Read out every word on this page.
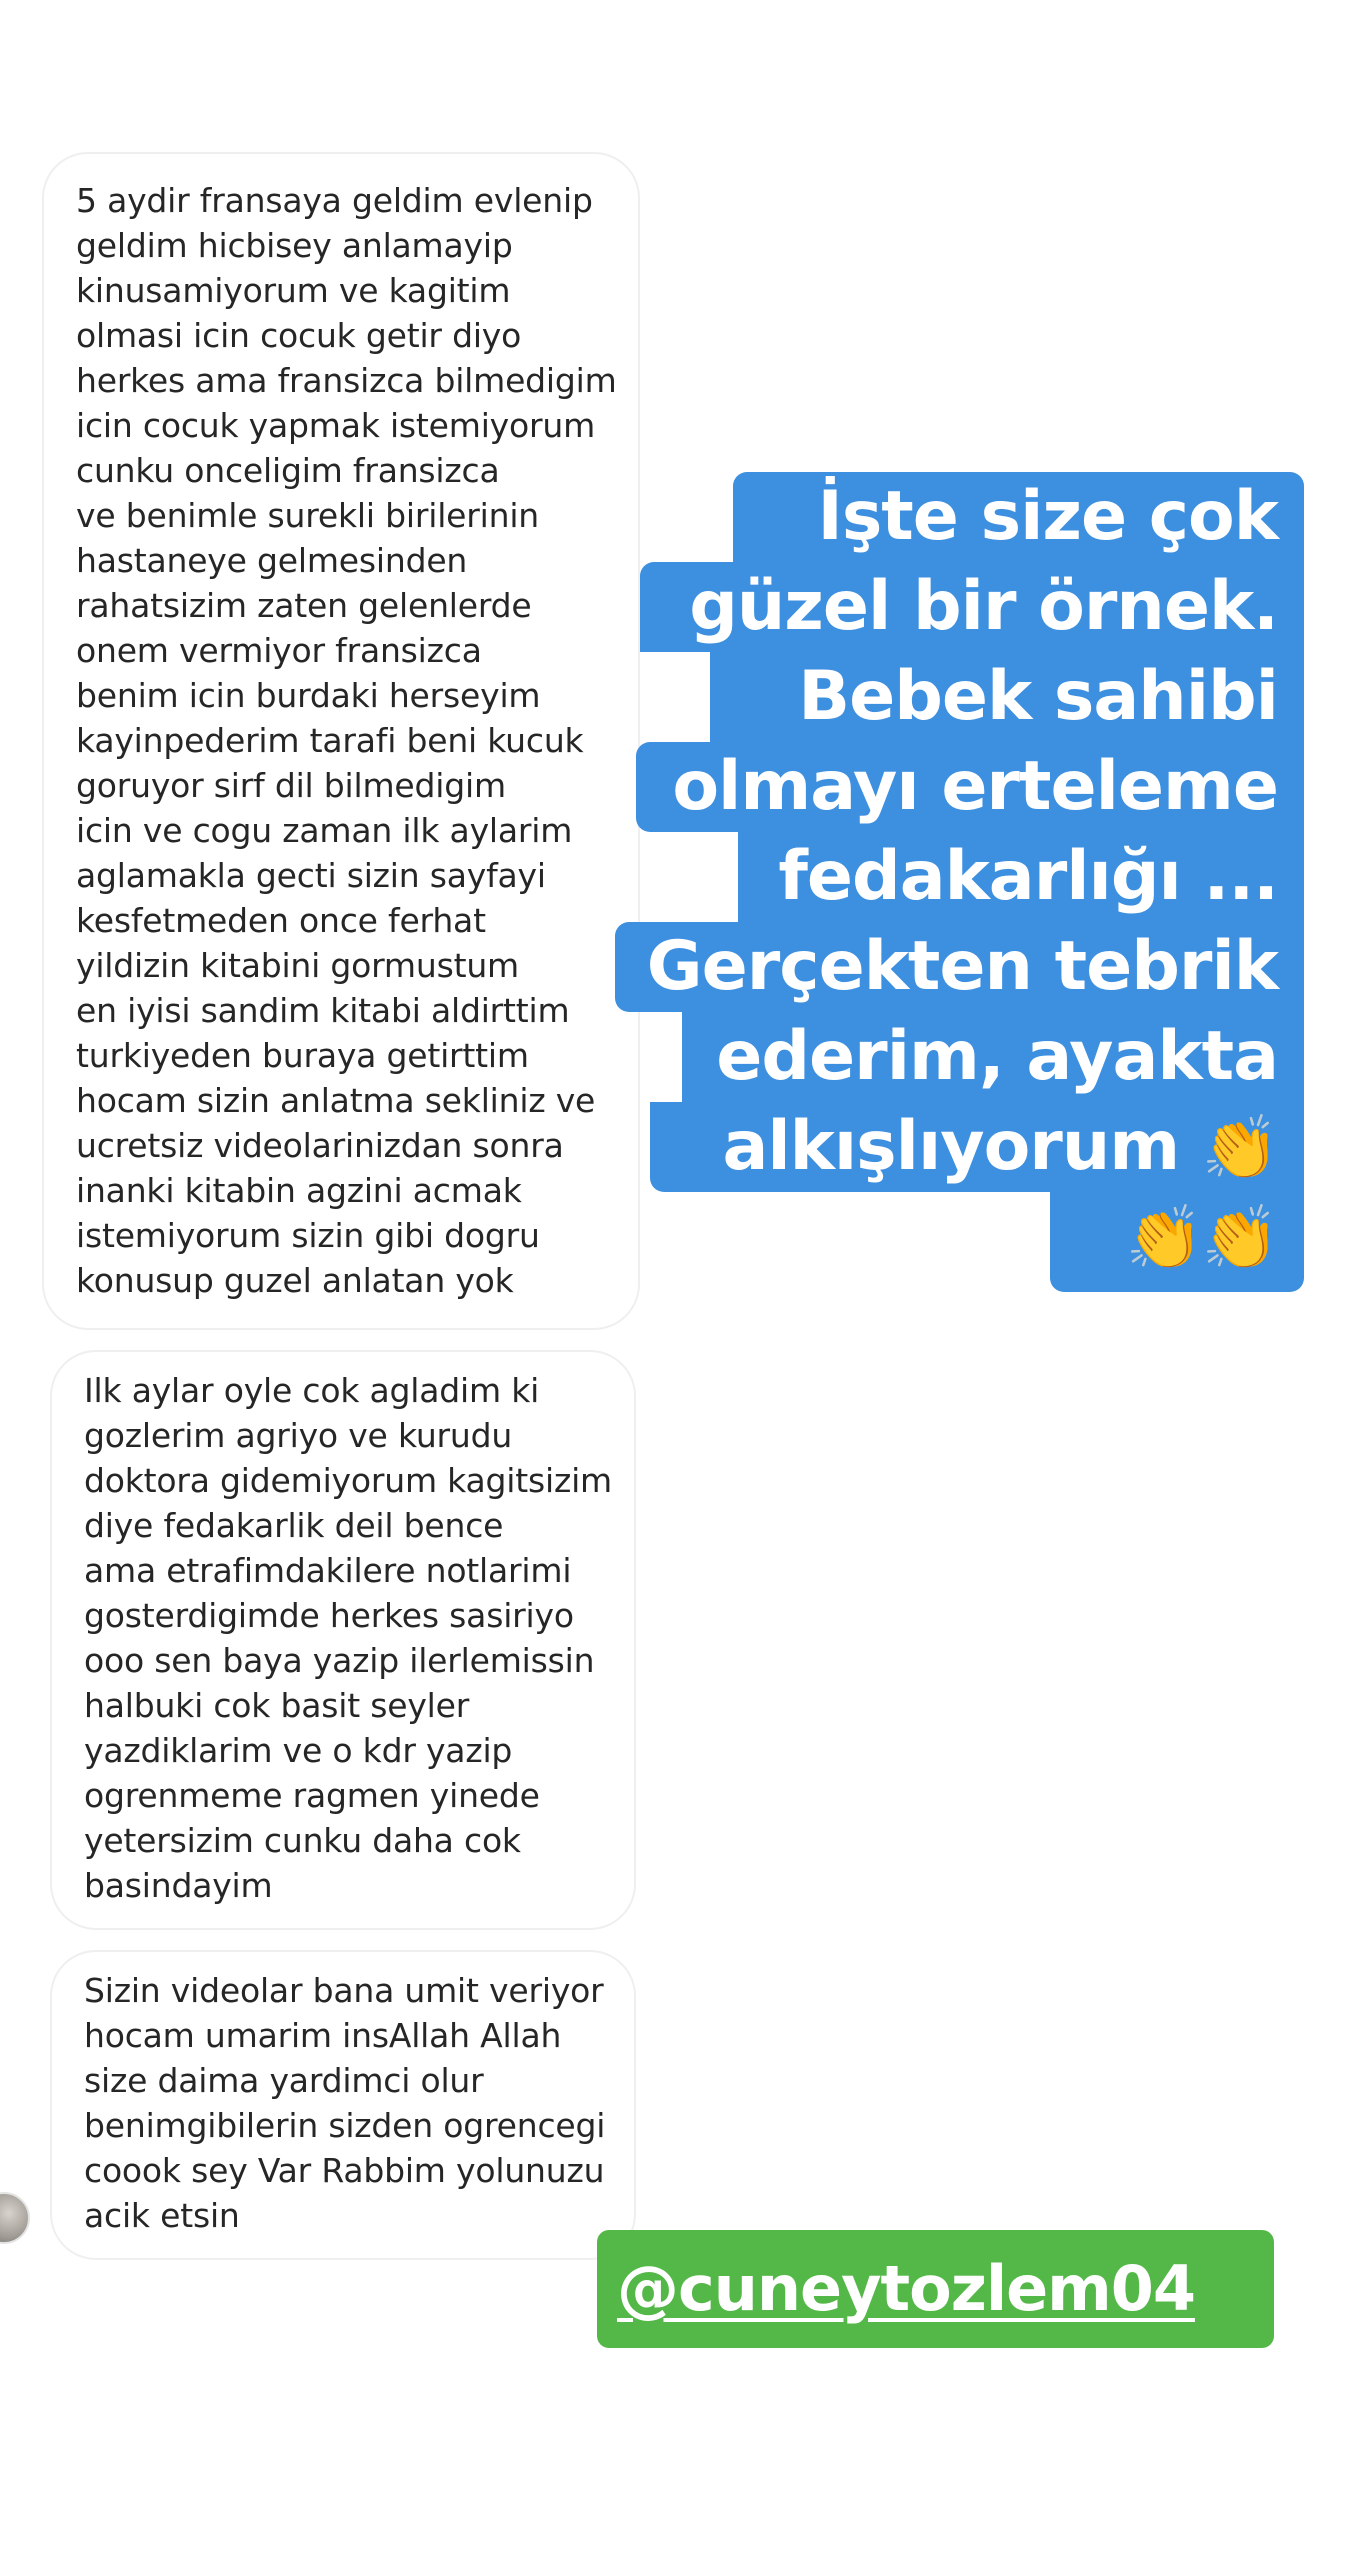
5 aydir fransaya geldim evlenip
geldim hicbisey anlamayip
kinusamiyorum ve kagitim
olmasi icin cocuk getir diyo
herkes ama fransizca bilmedigim
icin cocuk yapmak istemiyorum
cunku onceligim fransizca
ve benimle surekli birilerinin
hastaneye gelmesinden
rahatsizim zaten gelenlerde
onem vermiyor fransizca
benim icin burdaki herseyim
kayinpederim tarafi beni kucuk
goruyor sirf dil bilmedigim
icin ve cogu zaman ilk aylarim
aglamakla gecti sizin sayfayi
kesfetmeden once ferhat
yildizin kitabini gormustum
en iyisi sandim kitabi aldirttim
turkiyeden buraya getirttim
hocam sizin anlatma sekliniz ve
ucretsiz videolarinizdan sonra
inanki kitabin agzini acmak
istemiyorum sizin gibi dogru
konusup guzel anlatan yok
Ilk aylar oyle cok agladim ki
gozlerim agriyo ve kurudu
doktora gidemiyorum kagitsizim
diye fedakarlik deil bence
ama etrafimdakilere notlarimi
gosterdigimde herkes sasiriyo
ooo sen baya yazip ilerlemissin
halbuki cok basit seyler
yazdiklarim ve o kdr yazip
ogrenmeme ragmen yinede
yetersizim cunku daha cok
basindayim
Sizin videolar bana umit veriyor
hocam umarim insAllah Allah
size daima yardimci olur
benimgibilerin sizden ogrencegi
coook sey Var Rabbim yolunuzu
acik etsin
İşte size çok
güzel bir örnek.
Bebek sahibi
olmayı erteleme
fedakarlığı ...
Gerçekten tebrik
ederim, ayakta
alkışlıyorum 👏
👏👏
@cuneytozlem04
